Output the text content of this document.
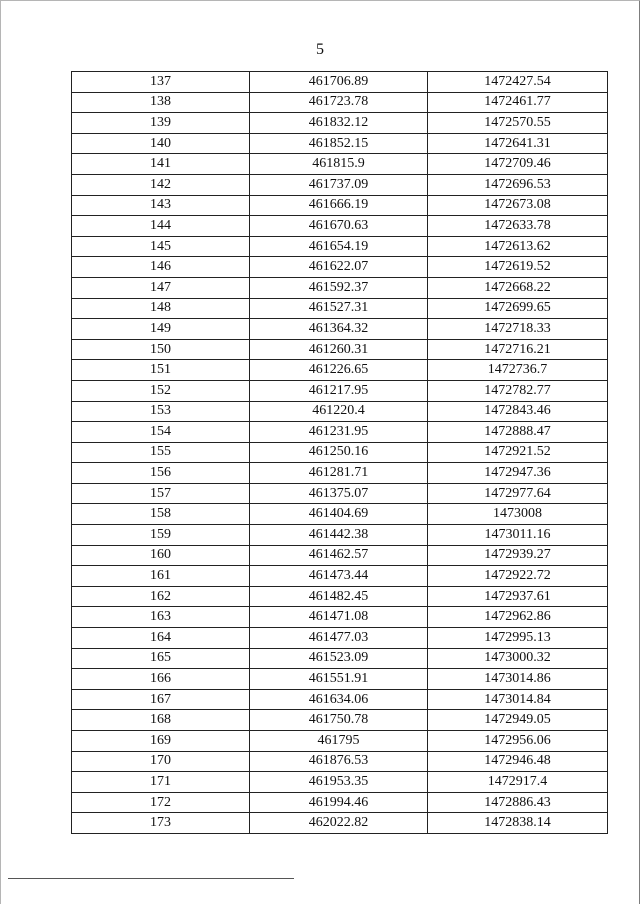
5
137	461706.89	1472427.54
138	461723.78	1472461.77
139	461832.12	1472570.55
140	461852.15	1472641.31
141	461815.9	1472709.46
142	461737.09	1472696.53
143	461666.19	1472673.08
144	461670.63	1472633.78
145	461654.19	1472613.62
146	461622.07	1472619.52
147	461592.37	1472668.22
148	461527.31	1472699.65
149	461364.32	1472718.33
150	461260.31	1472716.21
151	461226.65	1472736.7
152	461217.95	1472782.77
153	461220.4	1472843.46
154	461231.95	1472888.47
155	461250.16	1472921.52
156	461281.71	1472947.36
157	461375.07	1472977.64
158	461404.69	1473008
159	461442.38	1473011.16
160	461462.57	1472939.27
161	461473.44	1472922.72
162	461482.45	1472937.61
163	461471.08	1472962.86
164	461477.03	1472995.13
165	461523.09	1473000.32
166	461551.91	1473014.86
167	461634.06	1473014.84
168	461750.78	1472949.05
169	461795	1472956.06
170	461876.53	1472946.48
171	461953.35	1472917.4
172	461994.46	1472886.43
173	462022.82	1472838.14
